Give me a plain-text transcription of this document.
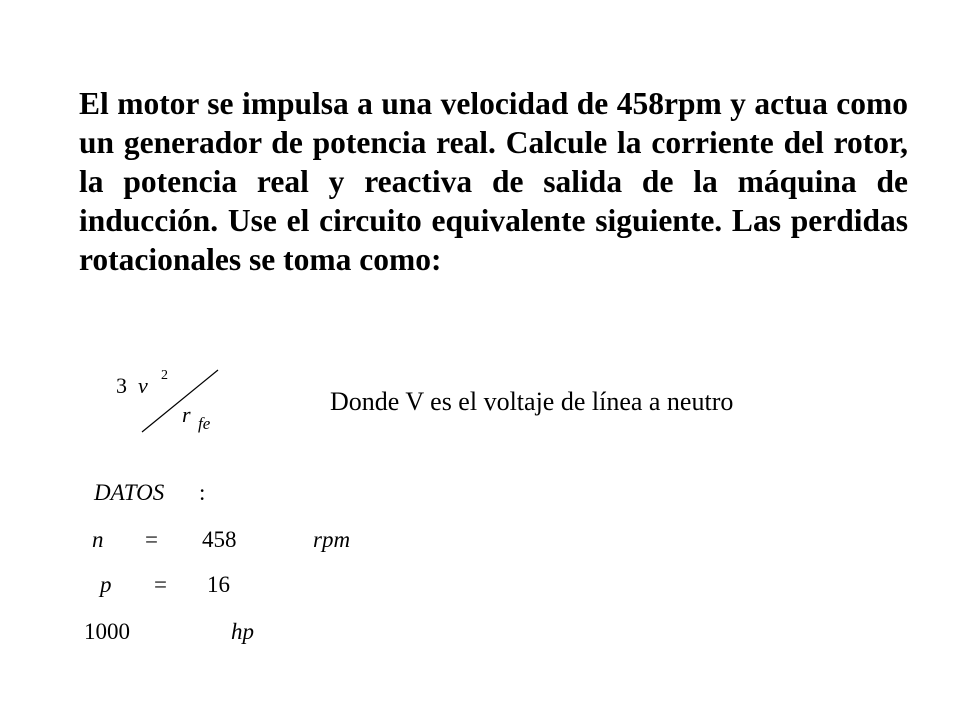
El motor se impulsa a una velocidad de 458rpm y actua como
un generador de potencia real. Calcule la corriente del rotor,
la potencia real y reactiva de salida de la máquina de
inducción. Use el circuito equivalente siguiente. Las perdidas
rotacionales se toma como:
3 v 2
r fe
Donde V es el voltaje de línea a neutro
DATOS :
n = 458	rpm
p = 16
1000	hp
